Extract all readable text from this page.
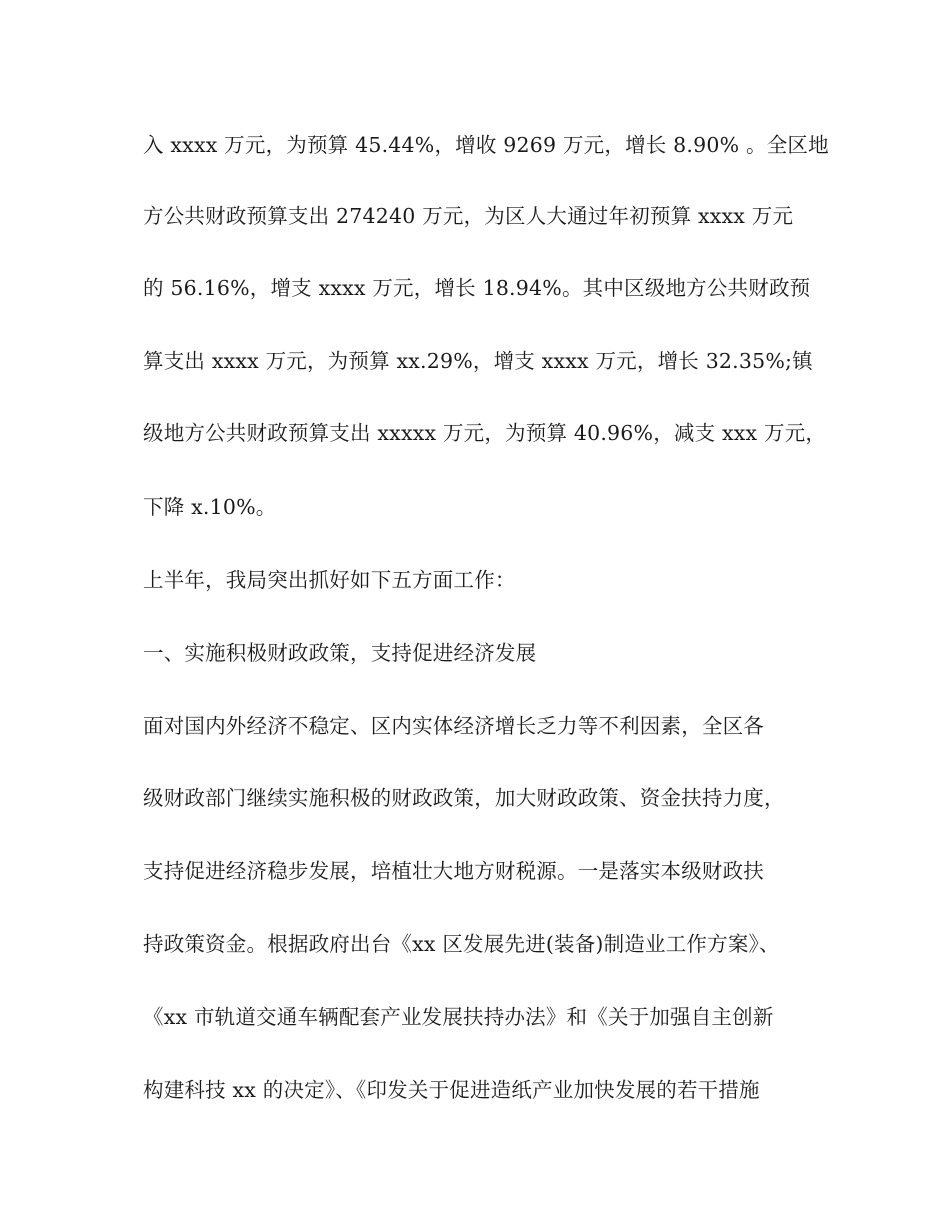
入 xxxx 万元，为预算 45.44%，增收 9269 万元，增长 8.90% 。全区地
方公共财政预算支出 274240 万元，为区人大通过年初预算 xxxx 万元
的 56.16%，增支 xxxx 万元，增长 18.94%。其中区级地方公共财政预
算支出 xxxx 万元，为预算 xx.29%，增支 xxxx 万元，增长 32.35%;镇
级地方公共财政预算支出 xxxxx 万元，为预算 40.96%，减支 xxx 万元，
下降 x.10%。
上半年，我局突出抓好如下五方面工作：
一、实施积极财政政策，支持促进经济发展
面对国内外经济不稳定、区内实体经济增长乏力等不利因素，全区各
级财政部门继续实施积极的财政政策，加大财政政策、资金扶持力度，
支持促进经济稳步发展，培植壮大地方财税源。一是落实本级财政扶
持政策资金。根据政府出台《xx 区发展先进(装备)制造业工作方案》、
《xx 市轨道交通车辆配套产业发展扶持办法》和《关于加强自主创新
构建科技 xx 的决定》、《印发关于促进造纸产业加快发展的若干措施
